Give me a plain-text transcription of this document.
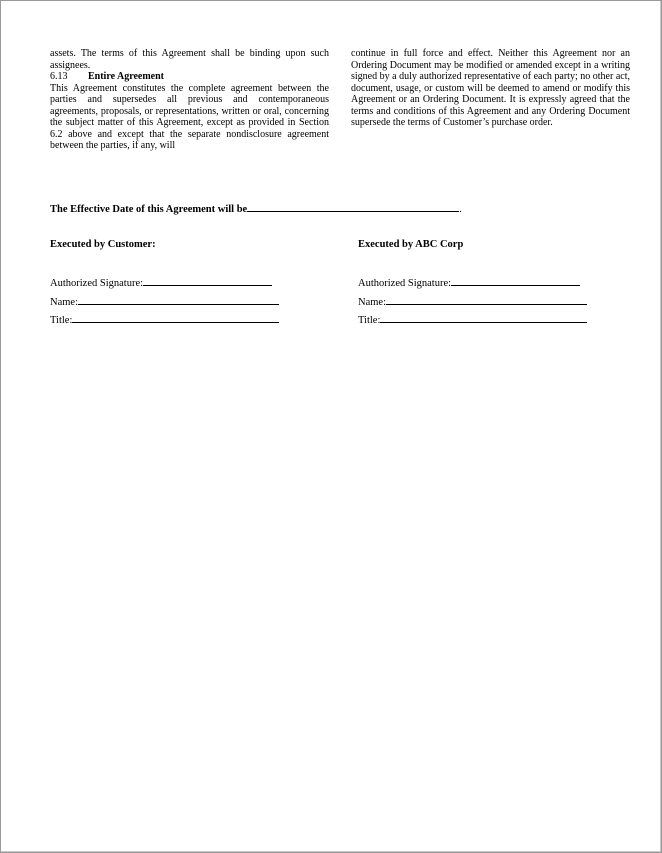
assets. The terms of this Agreement shall be binding upon such assignees.

6.13 Entire Agreement

This Agreement constitutes the complete agreement between the parties and supersedes all previous and contemporaneous agreements, proposals, or representations, written or oral, concerning the subject matter of this Agreement, except as provided in Section 6.2 above and except that the separate nondisclosure agreement between the parties, if any, will

continue in full force and effect. Neither this Agreement nor an Ordering Document may be modified or amended except in a writing signed by a duly authorized representative of each party; no other act, document, usage, or custom will be deemed to amend or modify this Agreement or an Ordering Document. It is expressly agreed that the terms and conditions of this Agreement and any Ordering Document supersede the terms of Customer’s purchase order.

The Effective Date of this Agreement will be	.
Executed by Customer:
Authorized Signature:
Name:
Title:
Executed by ABC Corp
Authorized Signature:
Name:
Title:
